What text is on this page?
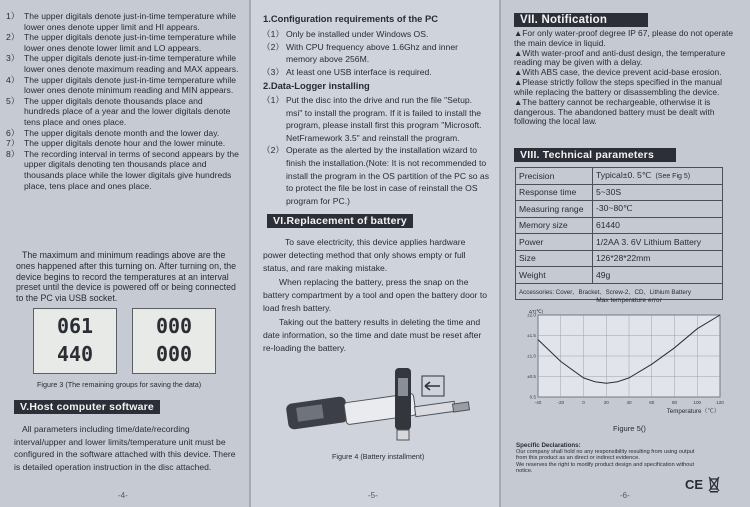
1） The upper digitals denote just-in-time temperature while lower ones denote upper limit and HI appears.
2） The upper digitals denote just-in-time temperature while lower ones denote lower limit and LO appears.
3） The upper digitals denote just-in-time temperature while lower ones denote maximum reading and MAX appears.
4） The upper digitals denote just-in-time temperature while lower ones denote minimum reading and MIN appears.
5） The upper digitals denote thousands place and hundreds place of a year and the lower digitals denote tens place and ones place.
6） The upper digitals denote month and the lower day.
7） The upper digitals denote hour and the lower minute.
8） The recording interval in terms of second appears by the upper digitals denoting ten thousands place and thousands place while the lower digitals give hundreds place, tens place and ones place.
The maximum and minimum readings above are the ones happened after this turning on. After turning on, the device begins to record the temperatures at an interval preset until the device is powered off or being connected to the PC via USB socket.
061
440
000
000
Figure 3 (The remaining groups for saving the data)
V.Host computer software
All parameters including time/date/recording interval/upper and lower limits/temperature unit must be configured in the software attached with this device. There is detailed operation instruction in the disc attached.
-4-
1.Configuration requirements of the PC
（1） Only be installed under Windows OS.
（2） With CPU frequency above 1.6Ghz and inner memory above 256M.
（3） At least one USB interface is required.
2.Data-Logger installing
（1） Put the disc into the drive and run the file "Setup. msi" to install the program. If it is failed to install the program, please install first this program "Microsoft. NetFramework 3.5" and reinstall the program.
（2） Operate as the alerted by the installation wizard to finish the installation.(Note: It is not recommended to install the program in the OS partition of the PC so as to protect the file be lost in case of reinstall the OS program for PC.)
VI.Replacement of battery
To save electricity, this device applies hardware power detecting method that only shows empty or full status, and rare making mistake.
When replacing the battery, press the snap on the battery compartment by a tool and open the battery door to load fresh battery.
Taking out the battery results in deleting the time and date information, so the time and date must be reset after re-loading the battery.
Figure 4 (Battery installment)
-5-
VII. Notification
▲For only water-proof degree IP 67, please do not operate the main device in liquid.
▲With water-proof and anti-dust design, the temperature reading may be given with a delay.
▲With ABS case, the device prevent acid-base erosion.
▲Please strictly follow the steps specified in the manual while replacing the battery or disassembling the device.
▲The battery cannot be rechargeable, otherwise it is dangerous. The abandoned battery must be dealt with following the local law.
VIII. Technical parameters
Precision	Typical±0. 5℃ (See Fig 5)
Response time	5~30S
Measuring range	-30~80℃
Memory size	61440
Power	1/2AA 3. 6V Lithium Battery
Size	126*28*22mm
Weight	49g
Accessories: Cover、Bracket、Screw-2、CD、Lithium Battery	
-40	-20	0	20	40	60	80	100	120
±2.0
±1.5
±1.0
±0.5
0.5
Max temperature error
ΔT(℃)
Temperature（℃）
Figure 5()
Specific Declarations:
Our company shall hold no any responsibility resulting from using output
from this product as an direct or indirect evidence.
We reserves the right to modify product design and specification without
notice.
CE
-6-
